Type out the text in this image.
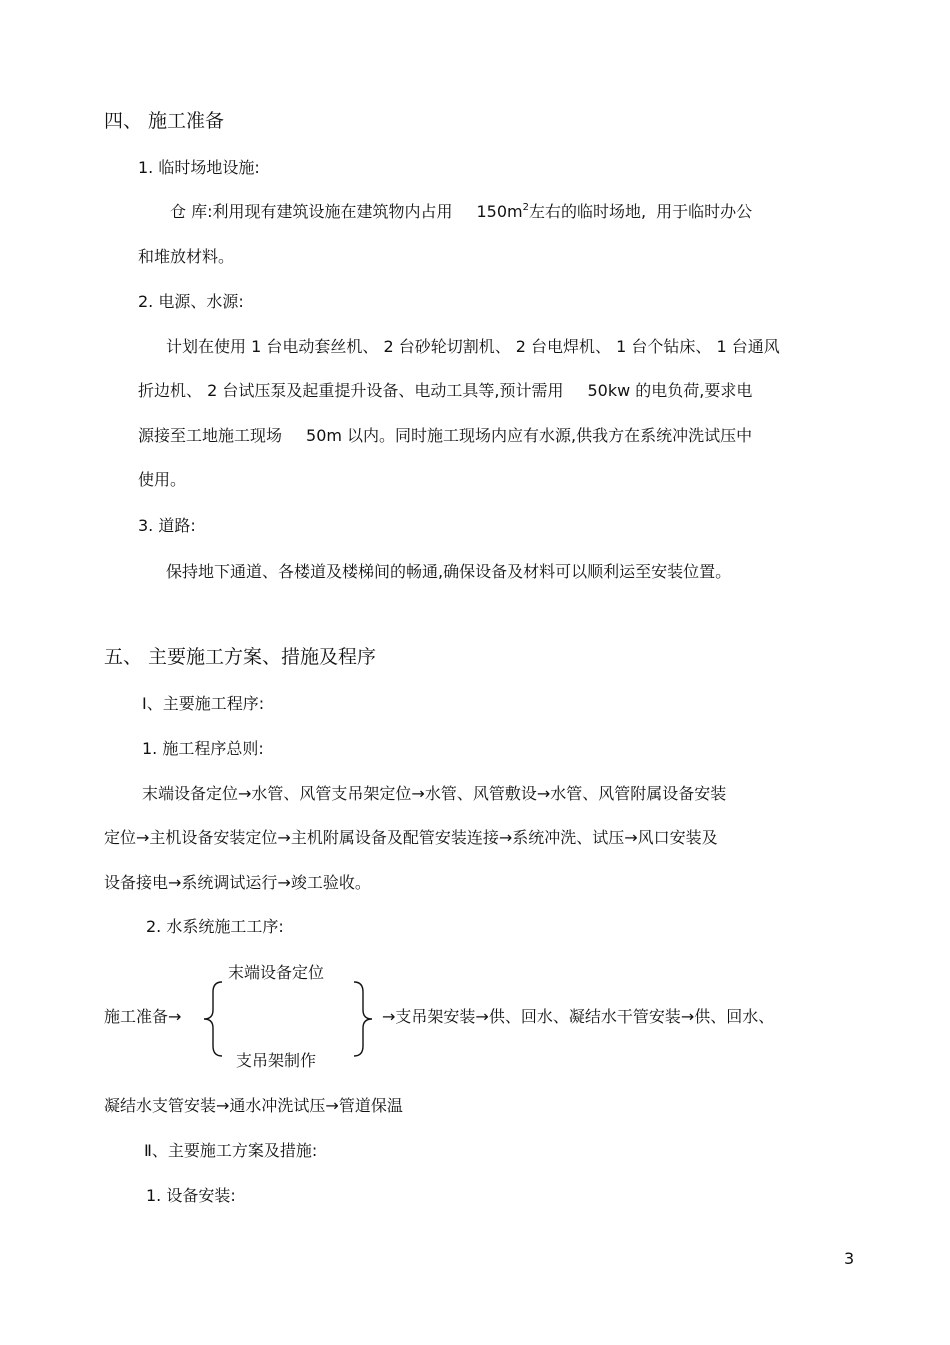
四、 施工准备
1. 临时场地设施:
仓 库:利用现有建筑设施在建筑物内占用 $150m^2$左右的临时场地, 用于临时办公
和堆放材料。
2. 电源、水源:
计划在使用 1 台电动套丝机、 2 台砂轮切割机、 2 台电焊机、 1 台个钻床、 1 台通风
折边机、 2 台试压泵及起重提升设备、电动工具等,预计需用 50kw 的电负荷,要求电
源接至工地施工现场 50m 以内。同时施工现场内应有水源,供我方在系统冲洗试压中
使用。
3. 道路:
保持地下通道、各楼道及楼梯间的畅通,确保设备及材料可以顺利运至安装位置。
五、 主要施工方案、措施及程序
Ⅰ、主要施工程序:
1. 施工程序总则:
末端设备定位→水管、风管支吊架定位→水管、风管敷设→水管、风管附属设备安装
定位→主机设备安装定位→主机附属设备及配管安装连接→系统冲洗、试压→风口安装及
设备接电→系统调试运行→竣工验收。
2. 水系统施工工序:
末端设备定位
施工准备→	→支吊架安装→供、回水、凝结水干管安装→供、回水、
支吊架制作
凝结水支管安装→通水冲洗试压→管道保温
Ⅱ、主要施工方案及措施:
1. 设备安装:
3
